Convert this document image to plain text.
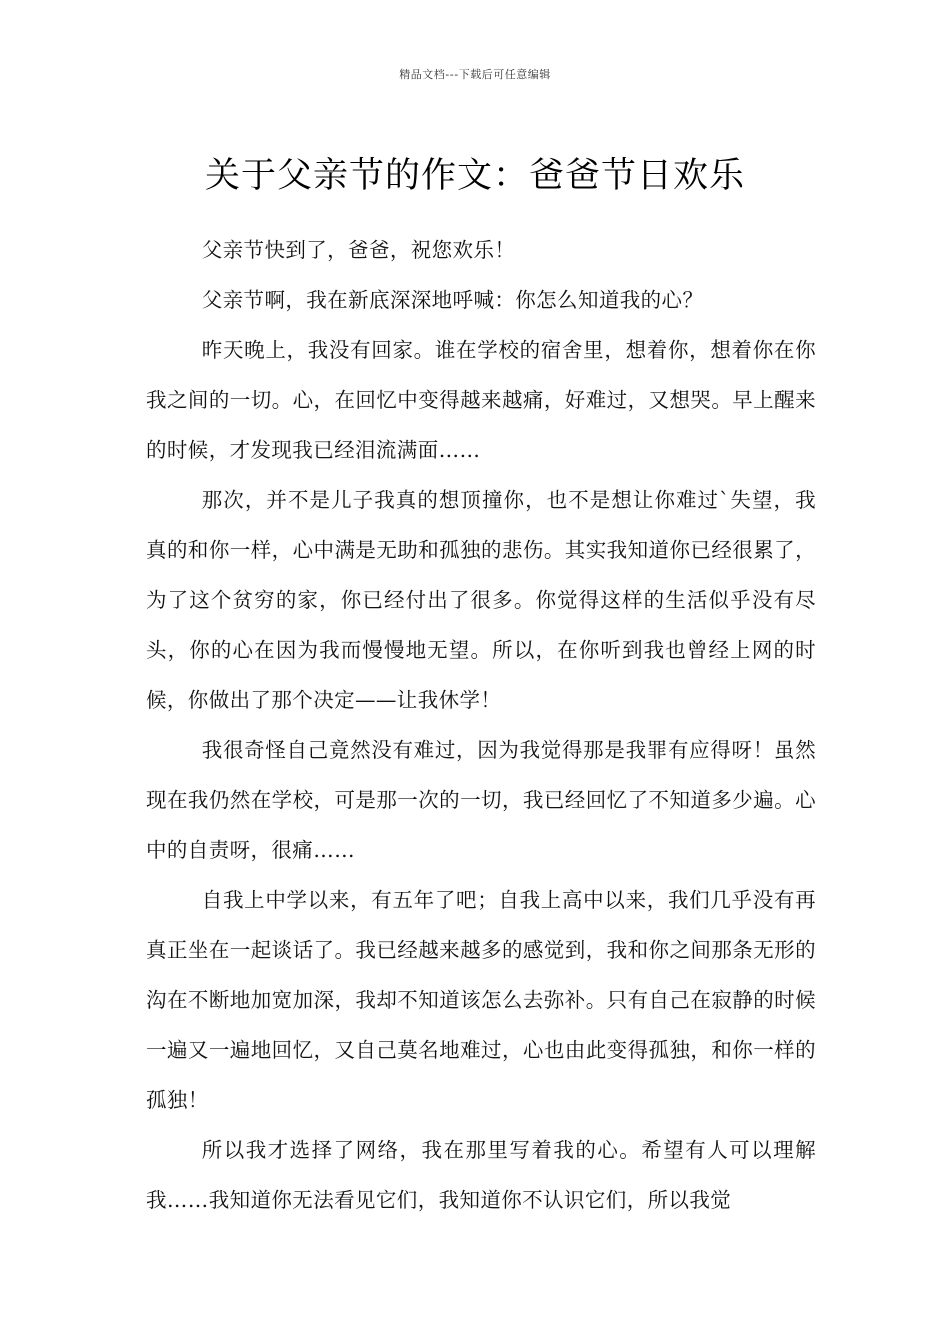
精品文档---下载后可任意编辑
关于父亲节的作文：爸爸节日欢乐

父亲节快到了，爸爸，祝您欢乐！

父亲节啊，我在新底深深地呼喊：你怎么知道我的心？

昨天晚上，我没有回家。谁在学校的宿舍里，想着你，想着你在你我之间的一切。心，在回忆中变得越来越痛，好难过，又想哭。早上醒来的时候，才发现我已经泪流满面……

那次，并不是儿子我真的想顶撞你，也不是想让你难过`失望，我真的和你一样，心中满是无助和孤独的悲伤。其实我知道你已经很累了，为了这个贫穷的家，你已经付出了很多。你觉得这样的生活似乎没有尽头，你的心在因为我而慢慢地无望。所以，在你听到我也曾经上网的时候，你做出了那个决定——让我休学！

我很奇怪自己竟然没有难过，因为我觉得那是我罪有应得呀！虽然现在我仍然在学校，可是那一次的一切，我已经回忆了不知道多少遍。心中的自责呀，很痛……

自我上中学以来，有五年了吧；自我上高中以来，我们几乎没有再真正坐在一起谈话了。我已经越来越多的感觉到，我和你之间那条无形的沟在不断地加宽加深，我却不知道该怎么去弥补。只有自己在寂静的时候一遍又一遍地回忆，又自己莫名地难过，心也由此变得孤独，和你一样的孤独！

所以我才选择了网络，我在那里写着我的心。希望有人可以理解我……我知道你无法看见它们，我知道你不认识它们，所以我觉
